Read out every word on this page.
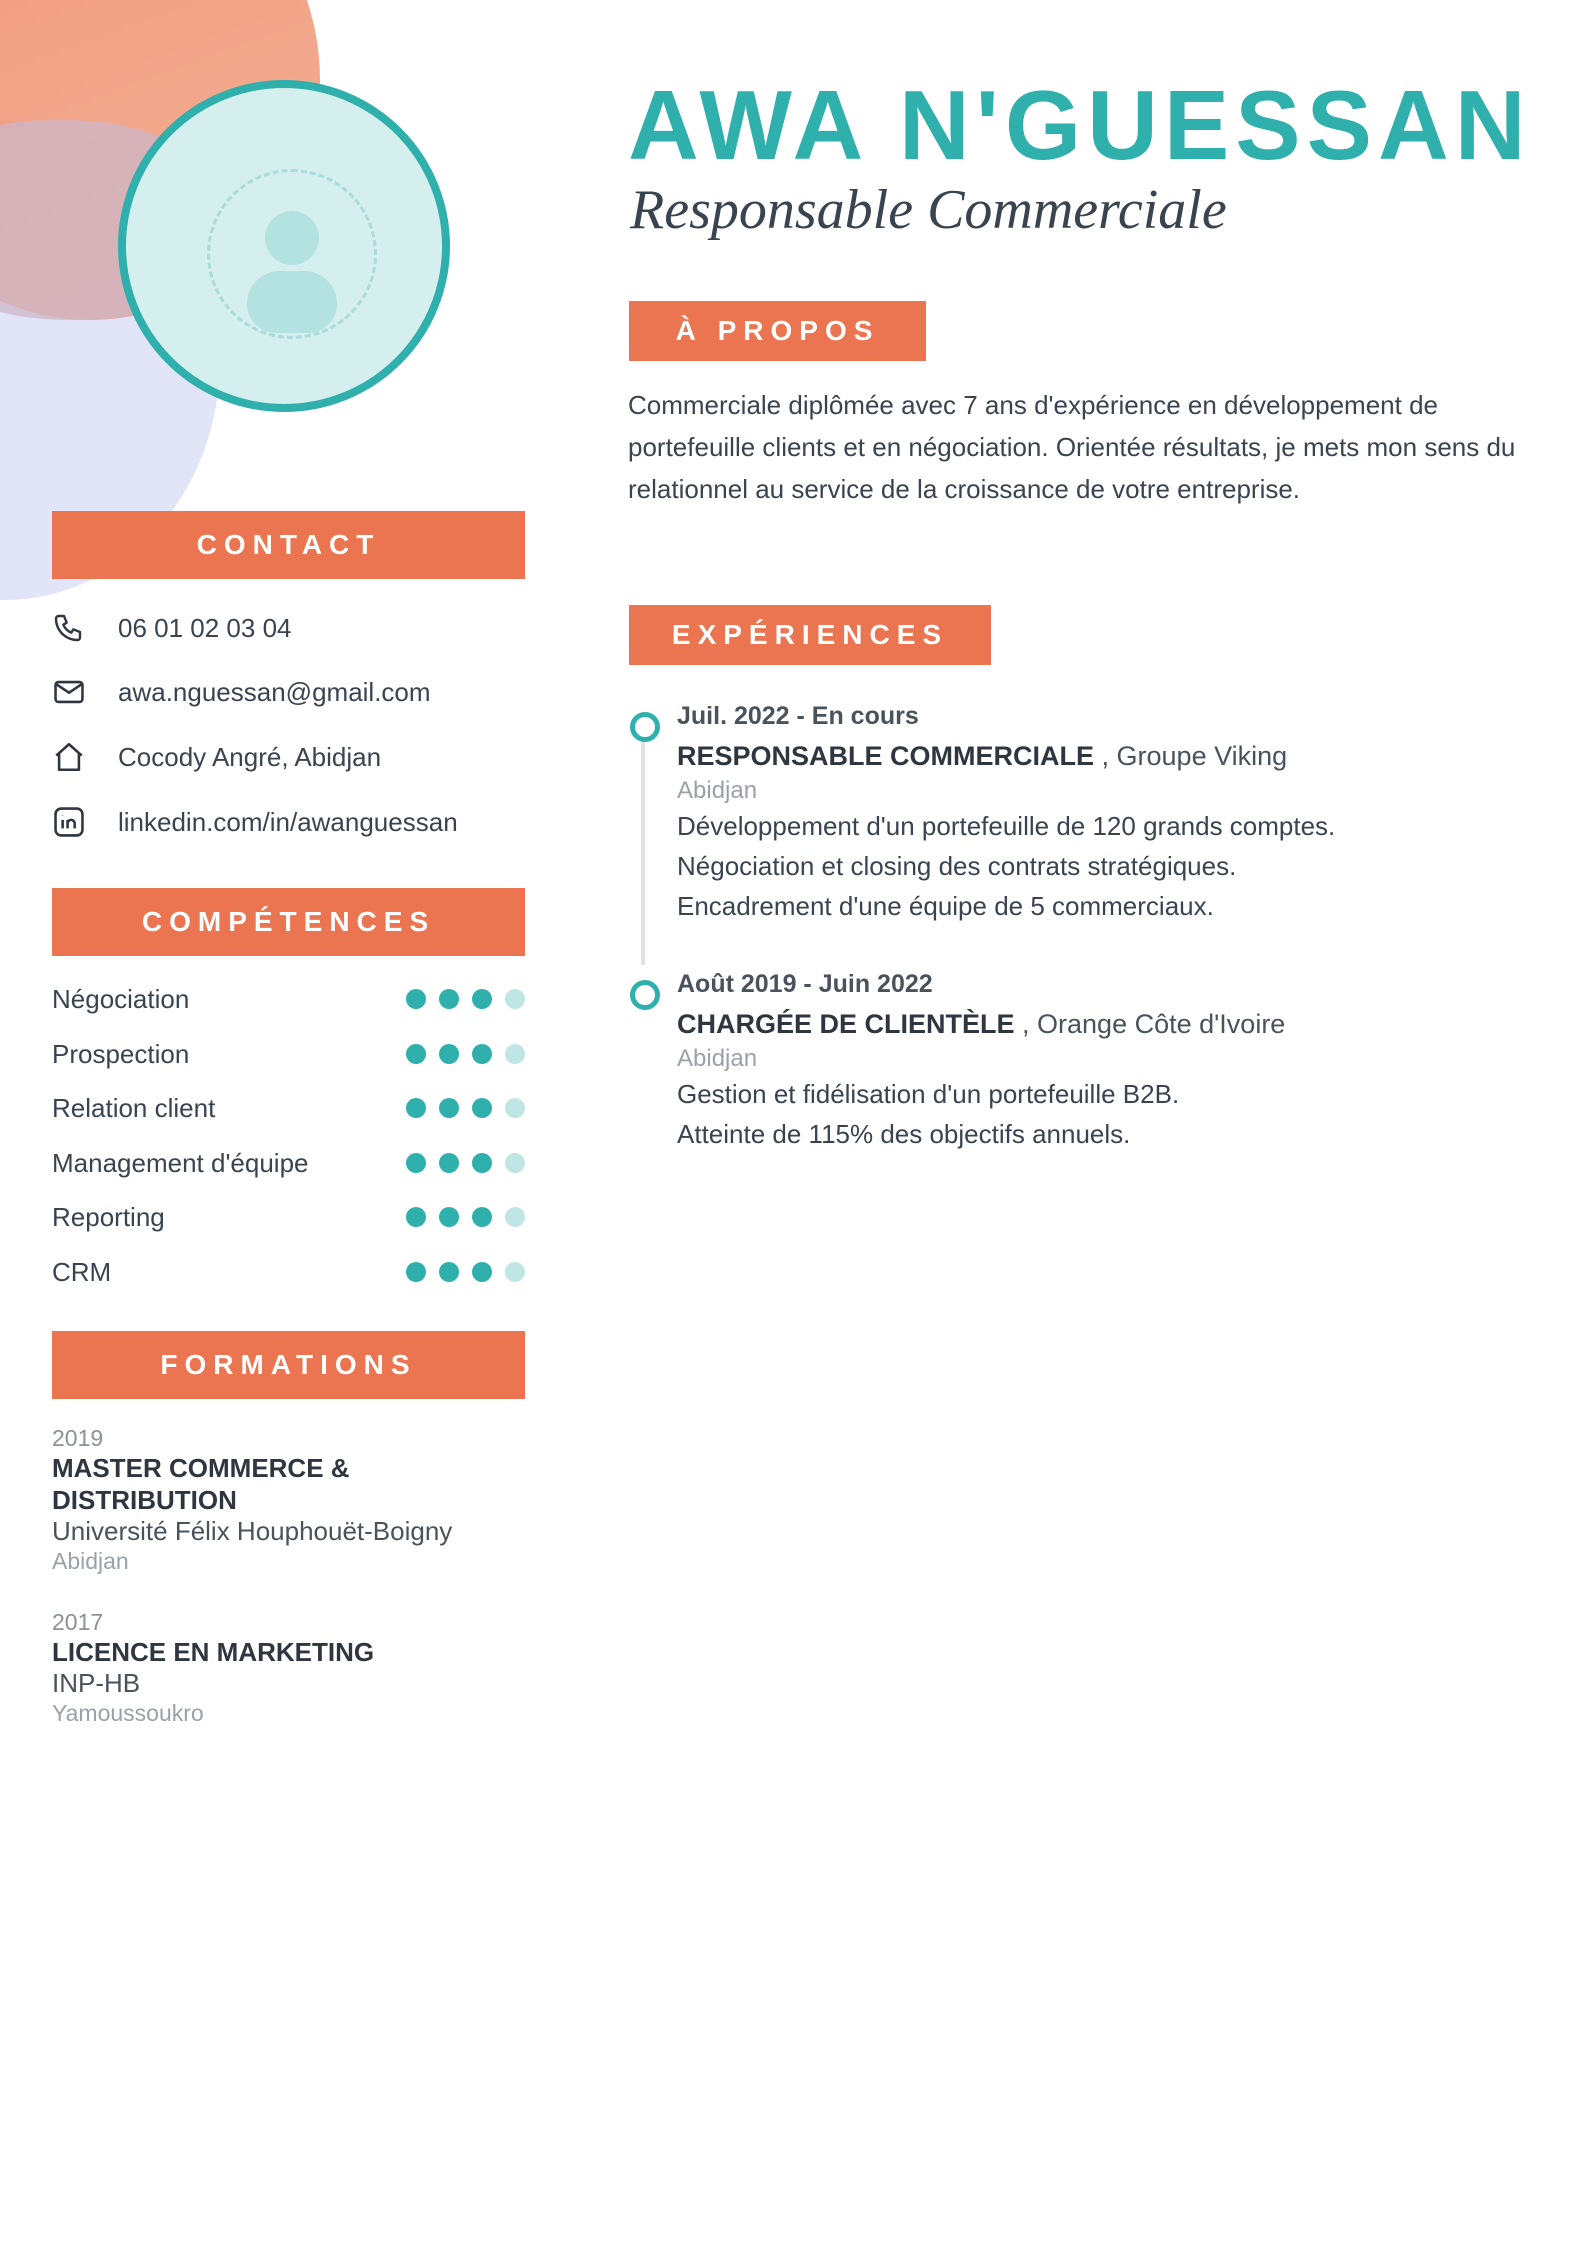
AWA N'GUESSAN
Responsable Commerciale
CONTACT
06 01 02 03 04
awa.nguessan@gmail.com
Cocody Angré, Abidjan
linkedin.com/in/awanguessan
COMPÉTENCES
Négociation
Prospection
Relation client
Management d'équipe
Reporting
CRM
FORMATIONS
2019
MASTER COMMERCE & DISTRIBUTION
Université Félix Houphouët-Boigny
Abidjan
2017
LICENCE EN MARKETING
INP-HB
Yamoussoukro
À PROPOS
Commerciale diplômée avec 7 ans d'expérience en développement de portefeuille clients et en négociation. Orientée résultats, je mets mon sens du relationnel au service de la croissance de votre entreprise.
EXPÉRIENCES
Juil. 2022 - En cours
RESPONSABLE COMMERCIALE , Groupe Viking
Abidjan
Développement d'un portefeuille de 120 grands comptes.
Négociation et closing des contrats stratégiques.
Encadrement d'une équipe de 5 commerciaux.
Août 2019 - Juin 2022
CHARGÉE DE CLIENTÈLE , Orange Côte d'Ivoire
Abidjan
Gestion et fidélisation d'un portefeuille B2B.
Atteinte de 115% des objectifs annuels.
